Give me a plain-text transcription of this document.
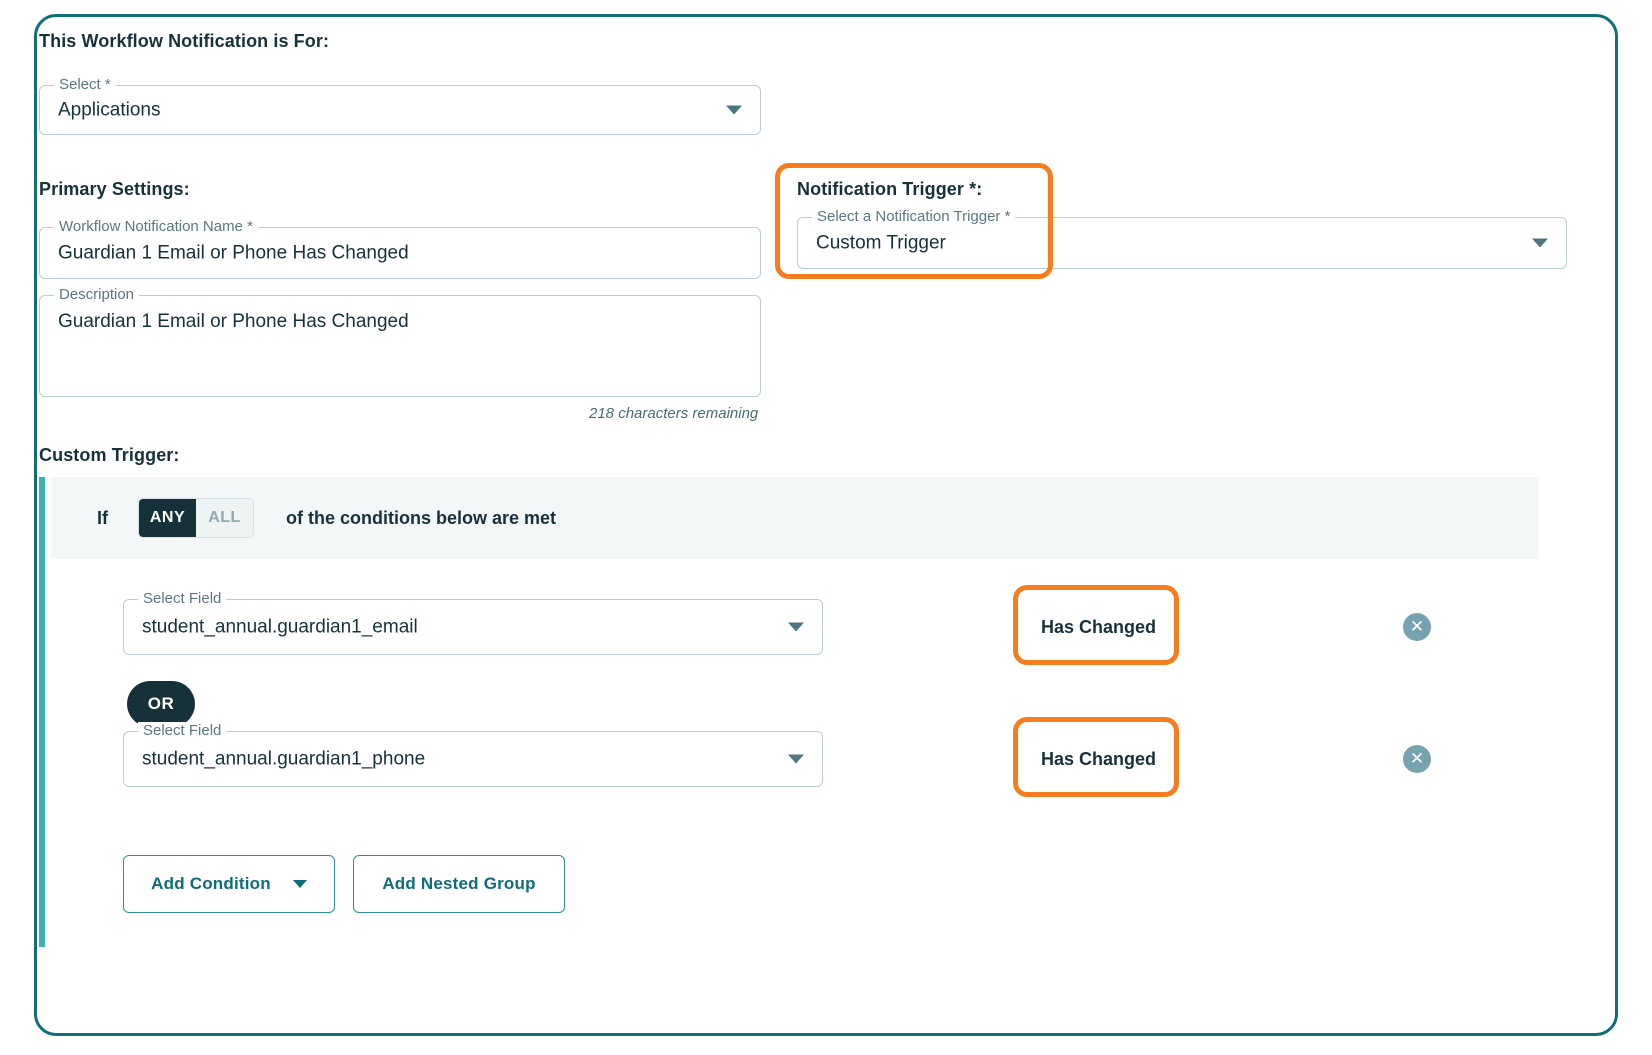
This Workflow Notification is For:
Select *
Applications
Primary Settings:
Workflow Notification Name *
Guardian 1 Email or Phone Has Changed
Description
Guardian 1 Email or Phone Has Changed
218 characters remaining
Notification Trigger *:
Select a Notification Trigger *
Custom Trigger
Custom Trigger:
If	ANY	ALL	of the conditions below are met
Select Field
student_annual.guardian1_email	Has Changed	✕
OR
Select Field
student_annual.guardian1_phone	Has Changed	✕
Add Condition	Add Nested Group
